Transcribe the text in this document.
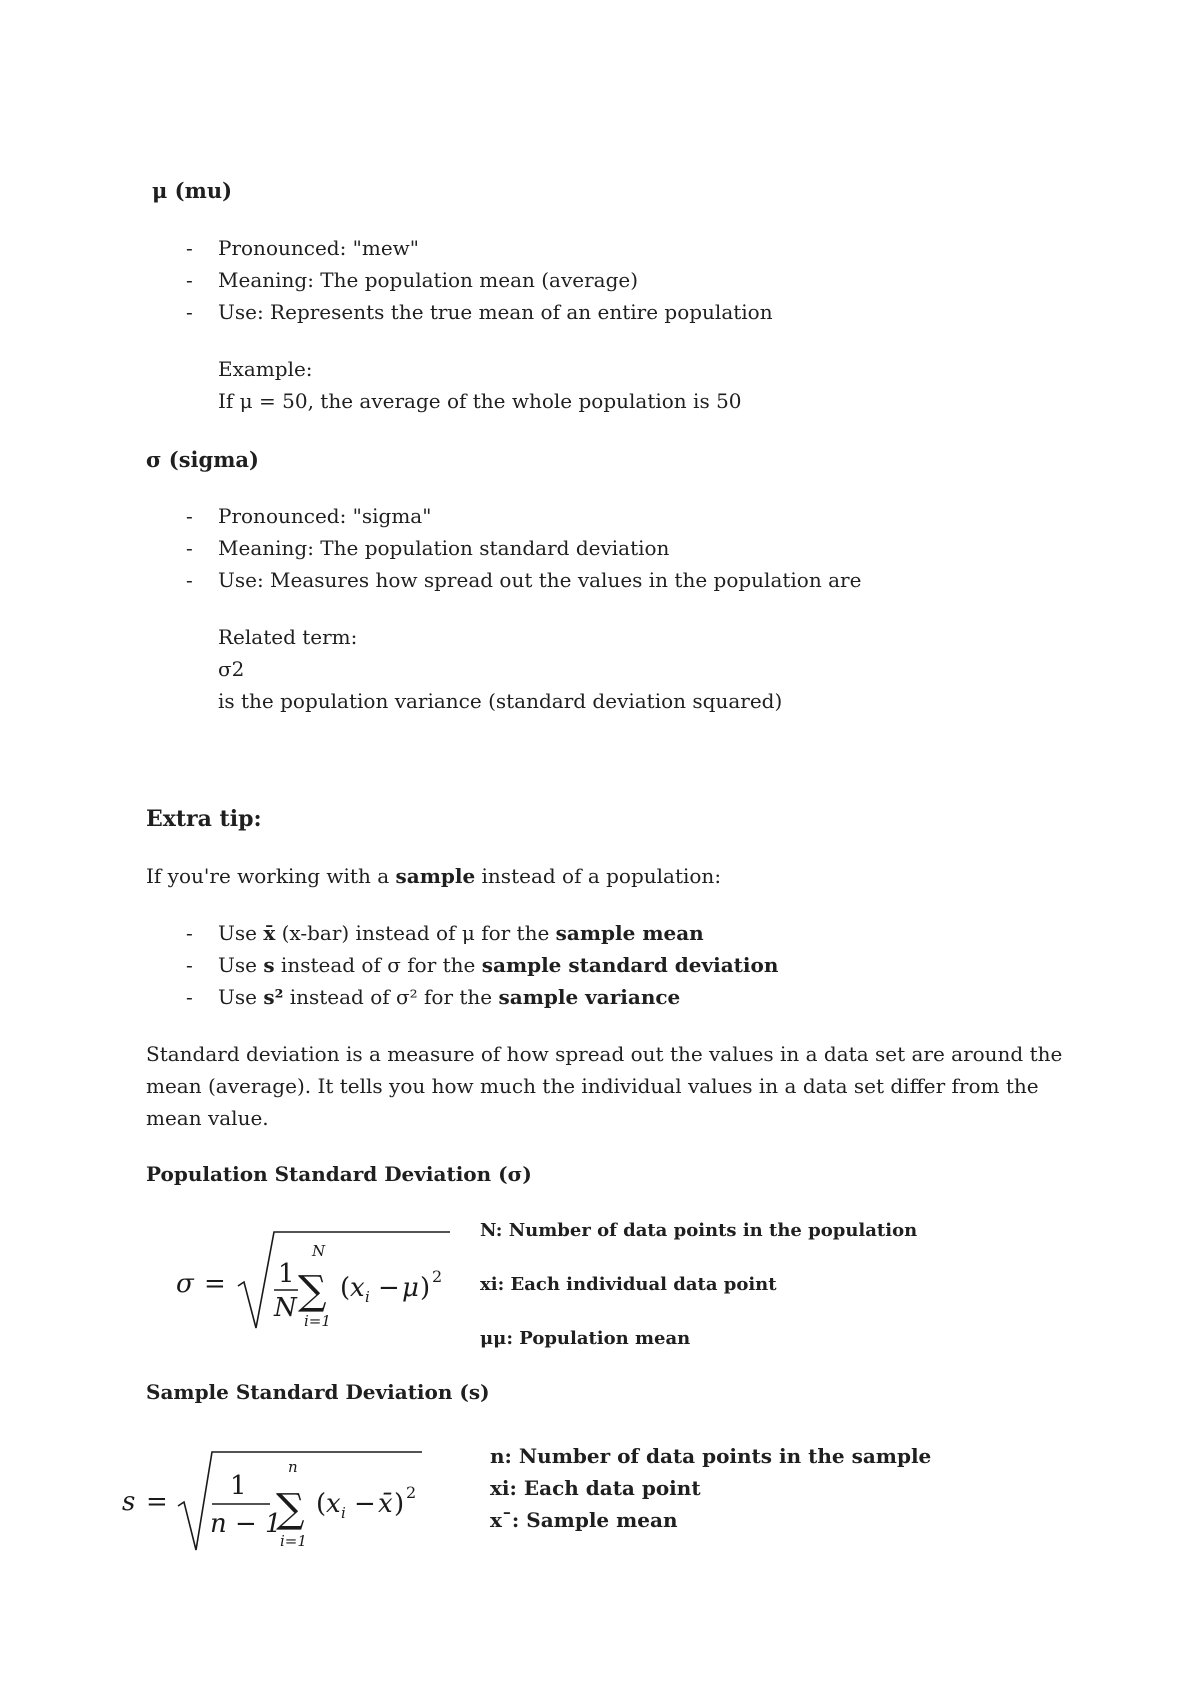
μ (mu)
- Pronounced: "mew"
- Meaning: The population mean (average)
- Use: Represents the true mean of an entire population
Example:
If μ = 50, the average of the whole population is 50
σ (sigma)
- Pronounced: "sigma"
- Meaning: The population standard deviation
- Use: Measures how spread out the values in the population are
Related term:
σ2
is the population variance (standard deviation squared)
Extra tip:
If you're working with a sample instead of a population:
- Use x̄ (x-bar) instead of μ for the sample mean
- Use s instead of σ for the sample standard deviation
- Use s² instead of σ² for the sample variance
Standard deviation is a measure of how spread out the values in a data set are around the mean (average). It tells you how much the individual values in a data set differ from the mean value.
Population Standard Deviation (σ)
σ = 1
N
N
∑
i=1
( x i − μ ) 2
N: Number of data points in the population
xi: Each individual data point
μμ: Population mean
Sample Standard Deviation (s)
s =
1
n − 1
n
∑
i=1
( x i − x̄ ) 2
n: Number of data points in the sample
xi: Each data point
x¯: Sample mean
